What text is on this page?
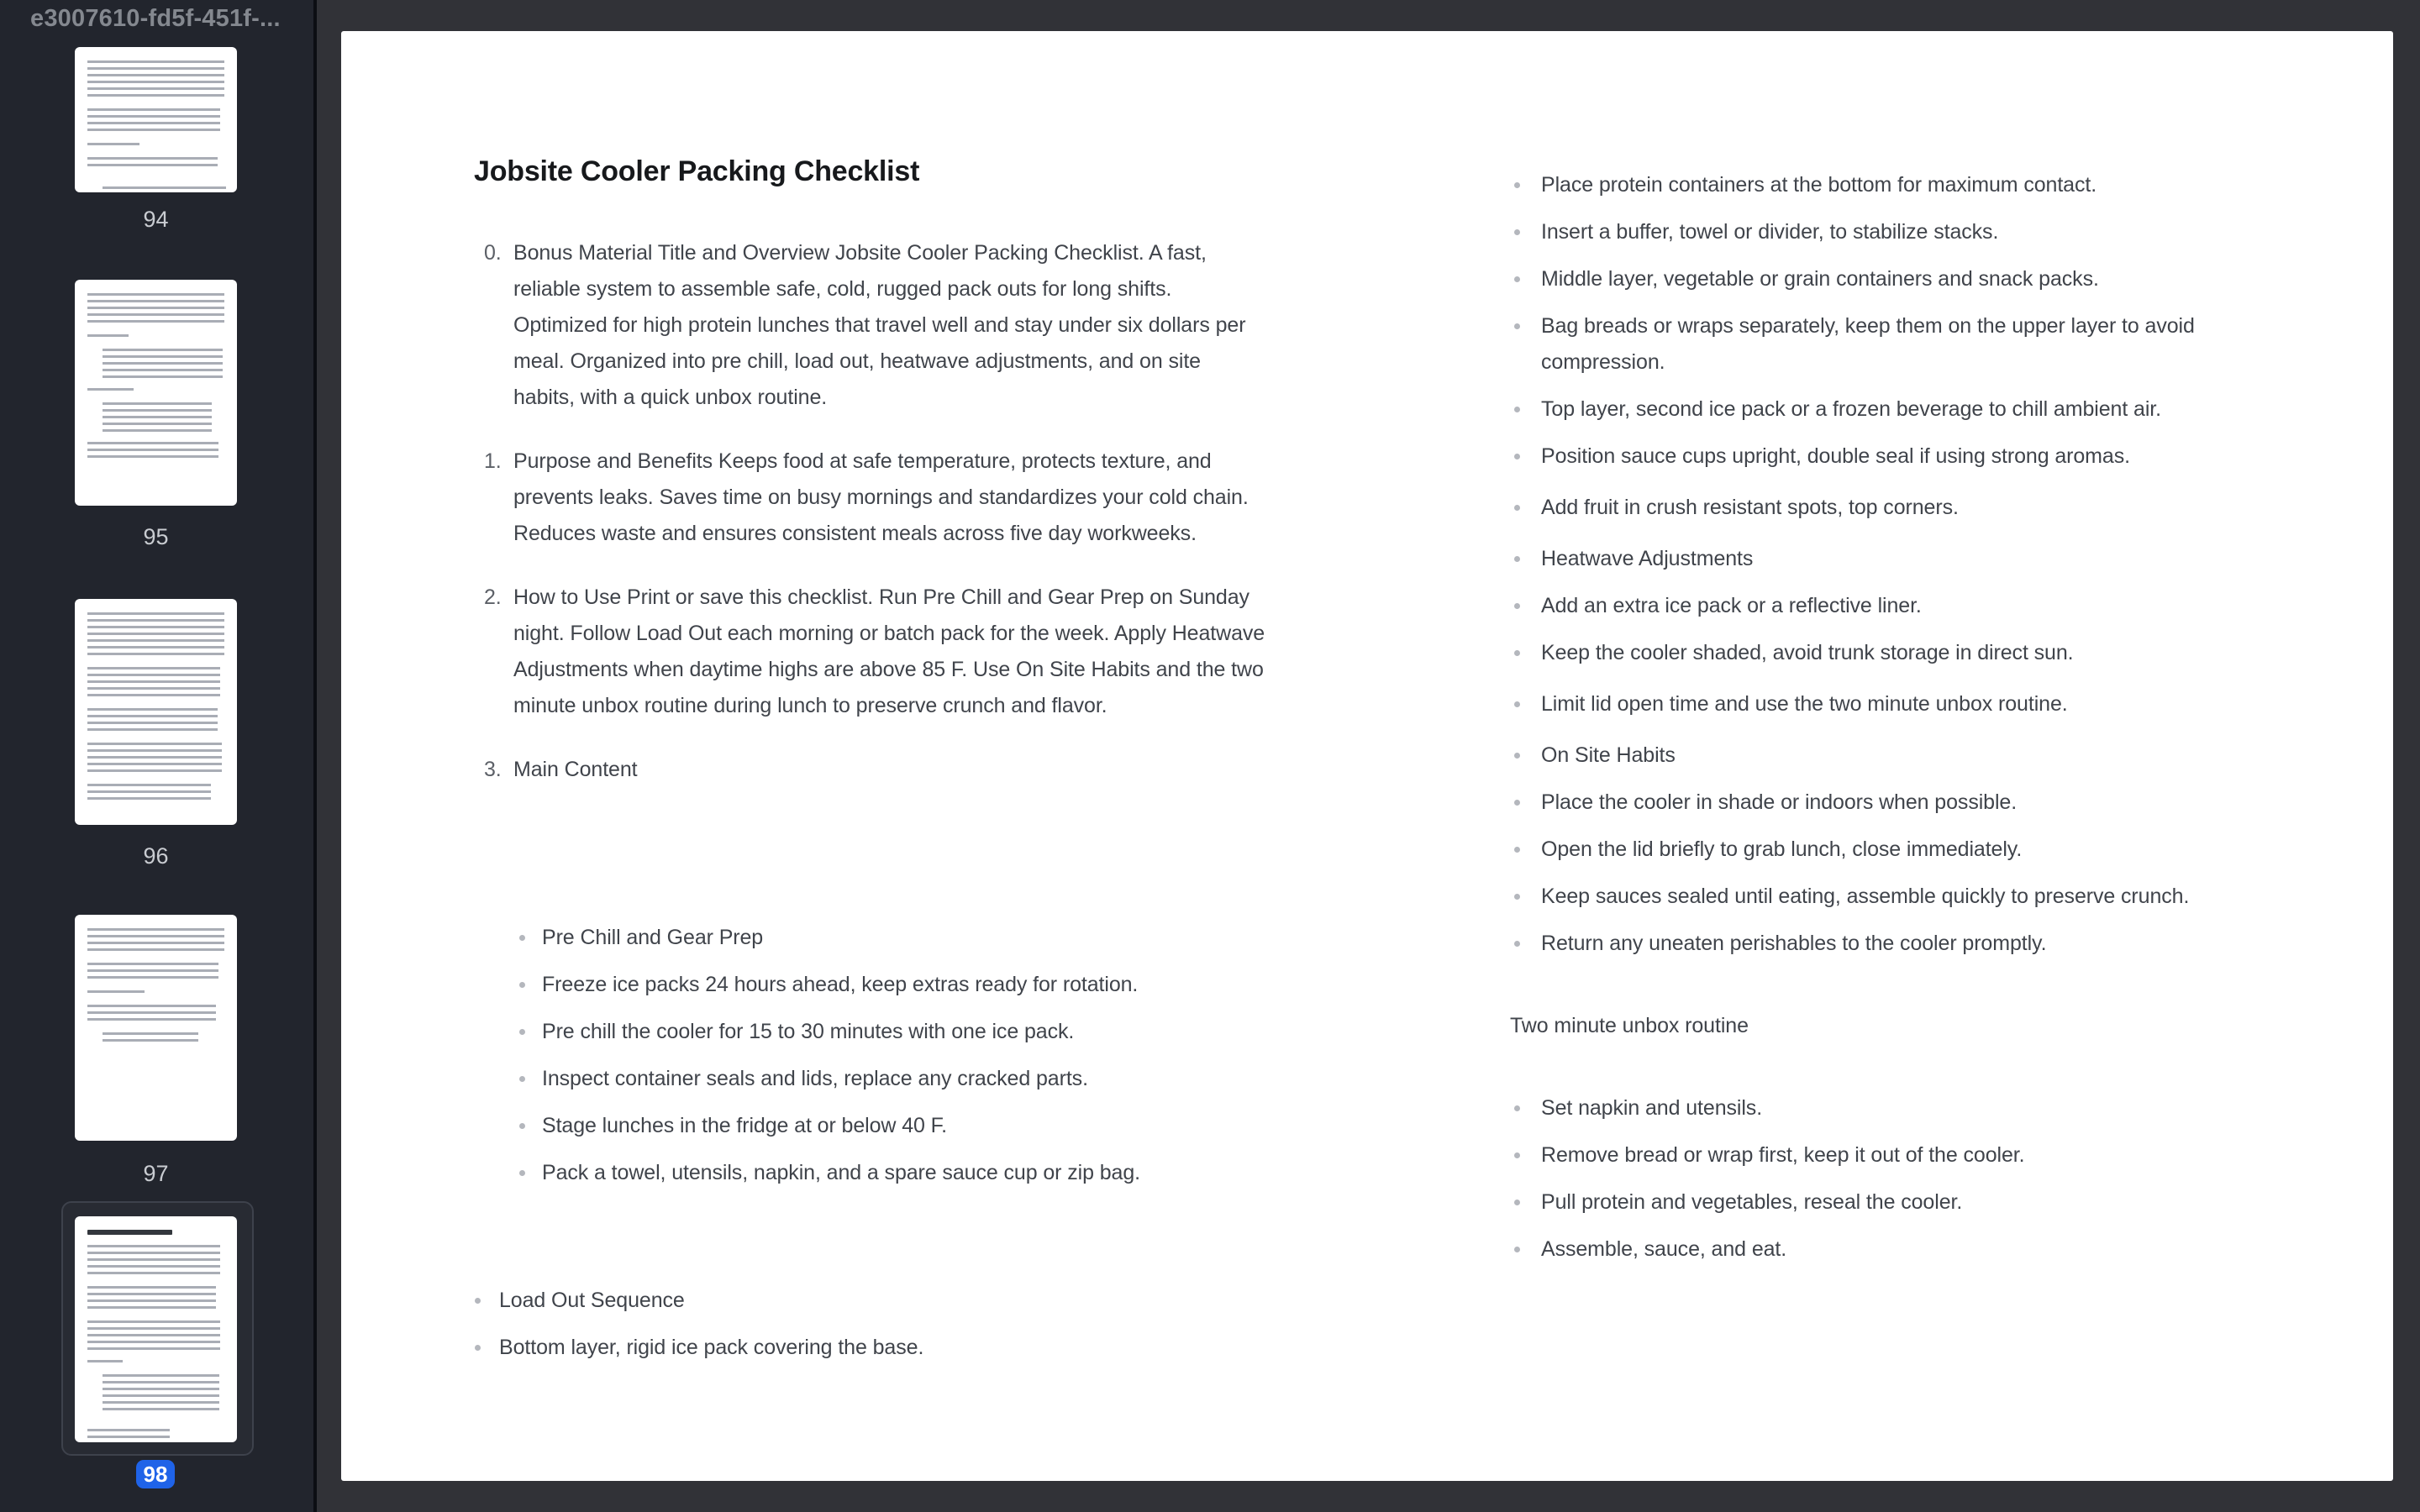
e3007610-fd5f-451f-...
94
95
96
97
98
Jobsite Cooler Packing Checklist
0. Bonus Material Title and Overview Jobsite Cooler Packing Checklist. A fast, reliable system to assemble safe, cold, rugged pack outs for long shifts. Optimized for high protein lunches that travel well and stay under six dollars per meal. Organized into pre chill, load out, heatwave adjustments, and on site habits, with a quick unbox routine.
1. Purpose and Benefits Keeps food at safe temperature, protects texture, and prevents leaks. Saves time on busy mornings and standardizes your cold chain. Reduces waste and ensures consistent meals across five day workweeks.
2. How to Use Print or save this checklist. Run Pre Chill and Gear Prep on Sunday night. Follow Load Out each morning or batch pack for the week. Apply Heatwave Adjustments when daytime highs are above 85 F. Use On Site Habits and the two minute unbox routine during lunch to preserve crunch and flavor.
3. Main Content
Pre Chill and Gear Prep
Freeze ice packs 24 hours ahead, keep extras ready for rotation.
Pre chill the cooler for 15 to 30 minutes with one ice pack.
Inspect container seals and lids, replace any cracked parts.
Stage lunches in the fridge at or below 40 F.
Pack a towel, utensils, napkin, and a spare sauce cup or zip bag.
Load Out Sequence
Bottom layer, rigid ice pack covering the base.
Place protein containers at the bottom for maximum contact.
Insert a buffer, towel or divider, to stabilize stacks.
Middle layer, vegetable or grain containers and snack packs.
Bag breads or wraps separately, keep them on the upper layer to avoid compression.
Top layer, second ice pack or a frozen beverage to chill ambient air.
Position sauce cups upright, double seal if using strong aromas.
Add fruit in crush resistant spots, top corners.
Heatwave Adjustments
Add an extra ice pack or a reflective liner.
Keep the cooler shaded, avoid trunk storage in direct sun.
Limit lid open time and use the two minute unbox routine.
On Site Habits
Place the cooler in shade or indoors when possible.
Open the lid briefly to grab lunch, close immediately.
Keep sauces sealed until eating, assemble quickly to preserve crunch.
Return any uneaten perishables to the cooler promptly.
Two minute unbox routine
Set napkin and utensils.
Remove bread or wrap first, keep it out of the cooler.
Pull protein and vegetables, reseal the cooler.
Assemble, sauce, and eat.
